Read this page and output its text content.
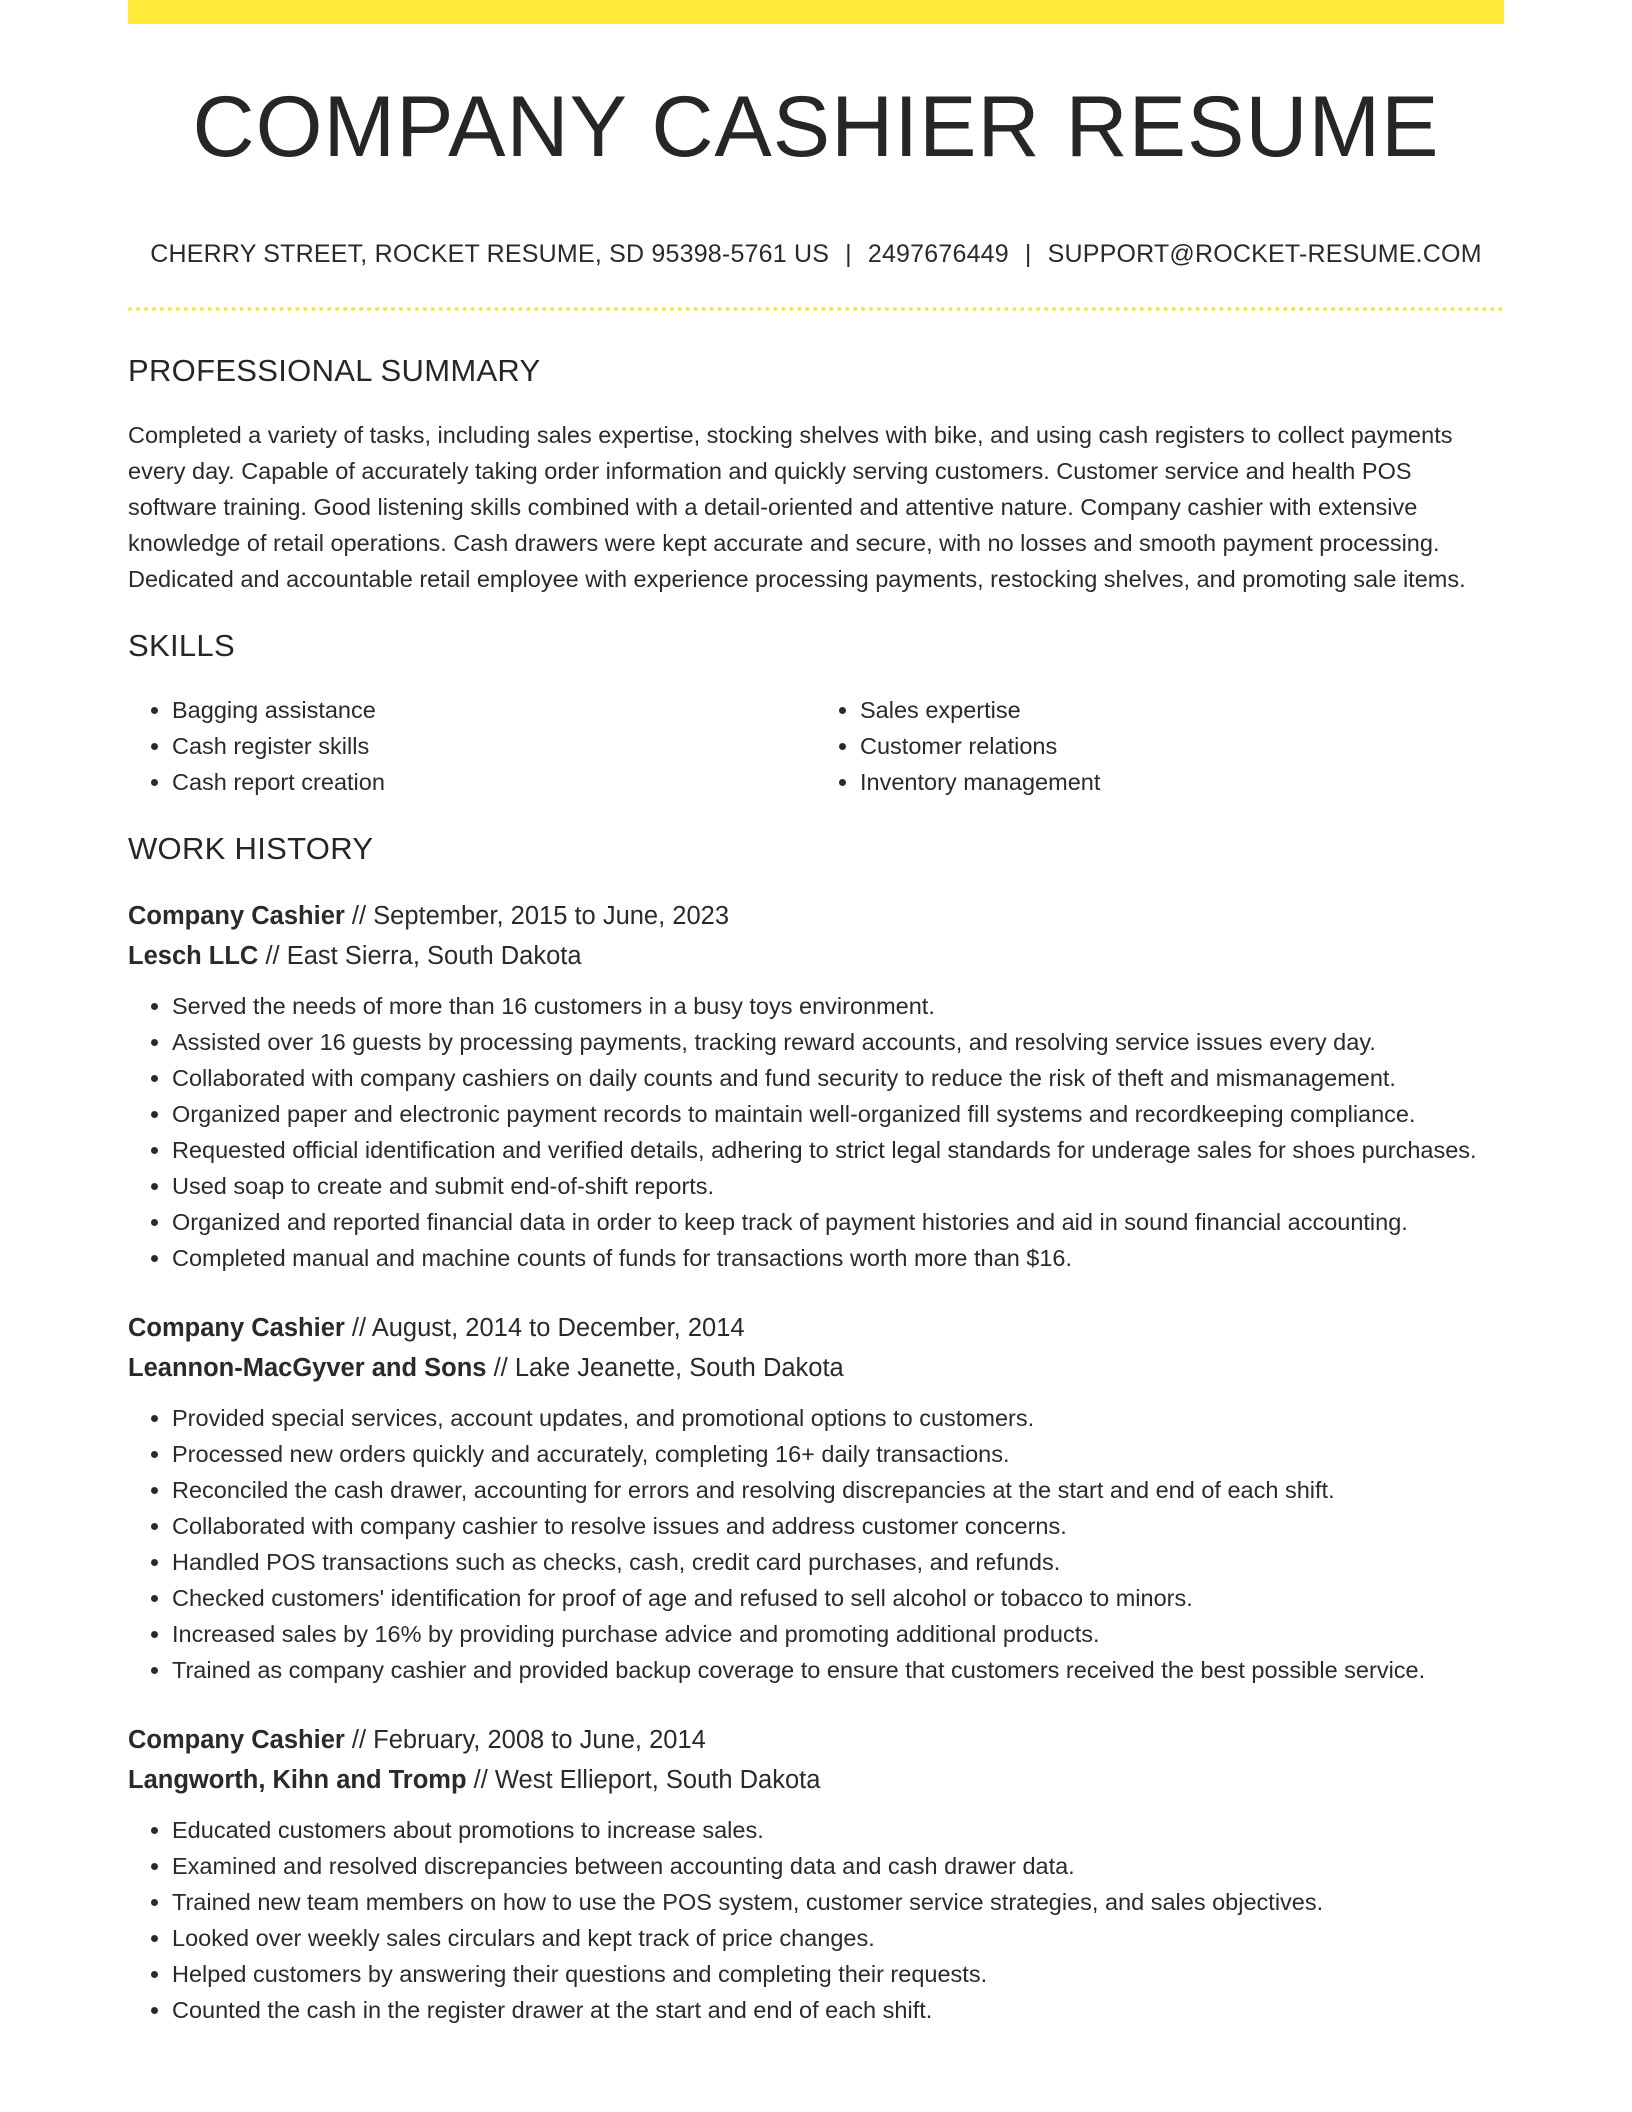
COMPANY CASHIER RESUME
CHERRY STREET, ROCKET RESUME, SD 95398-5761 US | 2497676449 | SUPPORT@ROCKET-RESUME.COM
PROFESSIONAL SUMMARY

Completed a variety of tasks, including sales expertise, stocking shelves with bike, and using cash registers to collect payments every day. Capable of accurately taking order information and quickly serving customers. Customer service and health POS software training. Good listening skills combined with a detail-oriented and attentive nature. Company cashier with extensive knowledge of retail operations. Cash drawers were kept accurate and secure, with no losses and smooth payment processing. Dedicated and accountable retail employee with experience processing payments, restocking shelves, and promoting sale items.

SKILLS
• Bagging assistance
• Cash register skills
• Cash report creation
• Sales expertise
• Customer relations
• Inventory management
WORK HISTORY
Company Cashier // September, 2015 to June, 2023
Lesch LLC // East Sierra, South Dakota
• Served the needs of more than 16 customers in a busy toys environment.
• Assisted over 16 guests by processing payments, tracking reward accounts, and resolving service issues every day.
• Collaborated with company cashiers on daily counts and fund security to reduce the risk of theft and mismanagement.
• Organized paper and electronic payment records to maintain well-organized fill systems and recordkeeping compliance.
• Requested official identification and verified details, adhering to strict legal standards for underage sales for shoes purchases.
• Used soap to create and submit end-of-shift reports.
• Organized and reported financial data in order to keep track of payment histories and aid in sound financial accounting.
• Completed manual and machine counts of funds for transactions worth more than $16.
Company Cashier // August, 2014 to December, 2014
Leannon-MacGyver and Sons // Lake Jeanette, South Dakota
• Provided special services, account updates, and promotional options to customers.
• Processed new orders quickly and accurately, completing 16+ daily transactions.
• Reconciled the cash drawer, accounting for errors and resolving discrepancies at the start and end of each shift.
• Collaborated with company cashier to resolve issues and address customer concerns.
• Handled POS transactions such as checks, cash, credit card purchases, and refunds.
• Checked customers' identification for proof of age and refused to sell alcohol or tobacco to minors.
• Increased sales by 16% by providing purchase advice and promoting additional products.
• Trained as company cashier and provided backup coverage to ensure that customers received the best possible service.
Company Cashier // February, 2008 to June, 2014
Langworth, Kihn and Tromp // West Ellieport, South Dakota
• Educated customers about promotions to increase sales.
• Examined and resolved discrepancies between accounting data and cash drawer data.
• Trained new team members on how to use the POS system, customer service strategies, and sales objectives.
• Looked over weekly sales circulars and kept track of price changes.
• Helped customers by answering their questions and completing their requests.
• Counted the cash in the register drawer at the start and end of each shift.
